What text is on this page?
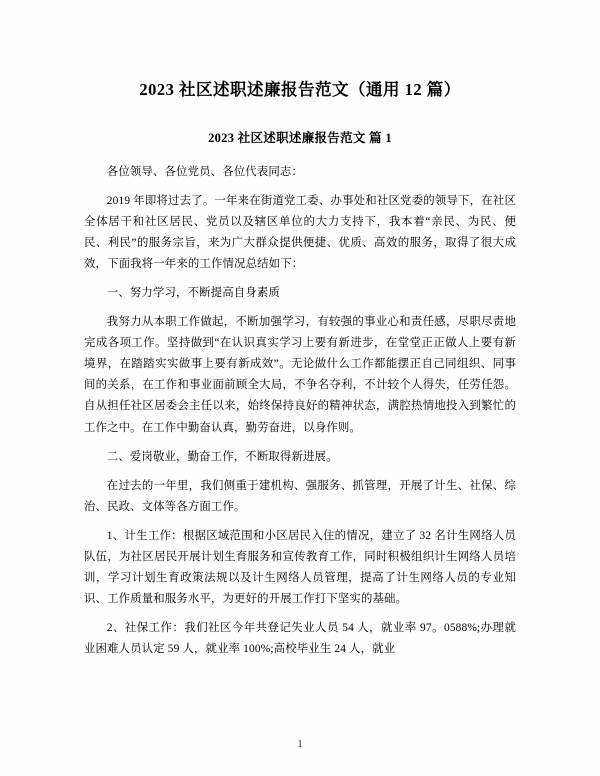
2023 社区述职述廉报告范文（通用 12 篇）
2023 社区述职述廉报告范文 篇 1

各位领导、各位党员、各位代表同志：

2019 年即将过去了。一年来在街道党工委、办事处和社区党委的领导下，在社区全体居干和社区居民、党员以及辖区单位的大力支持下，我本着“亲民、为民、便民、利民”的服务宗旨，来为广大群众提供便捷、优质、高效的服务，取得了很大成效，下面我将一年来的工作情况总结如下：

一、努力学习，不断提高自身素质

我努力从本职工作做起，不断加强学习，有较强的事业心和责任感，尽职尽责地完成各项工作。坚持做到“在认识真实学习上要有新进步，在堂堂正正做人上要有新境界，在踏踏实实做事上要有新成效”。无论做什么工作都能摆正自己同组织、同事间的关系，在工作和事业面前顾全大局，不争名夺利，不计较个人得失，任劳任怨。自从担任社区居委会主任以来，始终保持良好的精神状态，满腔热情地投入到繁忙的工作之中。在工作中勤奋认真，勤劳奋进，以身作则。

二、爱岗敬业，勤奋工作，不断取得新进展。

在过去的一年里，我们侧重于建机构、强服务、抓管理，开展了计生、社保、综治、民政、文体等各方面工作。

1、计生工作：根据区域范围和小区居民入住的情况，建立了 32 名计生网络人员队伍，为社区居民开展计划生育服务和宣传教育工作，同时积极组织计生网络人员培训，学习计划生育政策法规以及计生网络人员管理，提高了计生网络人员的专业知识、工作质量和服务水平，为更好的开展工作打下坚实的基础。

2、社保工作：我们社区今年共登记失业人员 54 人，就业率 97。0588%;办理就业困难人员认定 59 人，就业率 100%;高校毕业生 24 人，就业

1
